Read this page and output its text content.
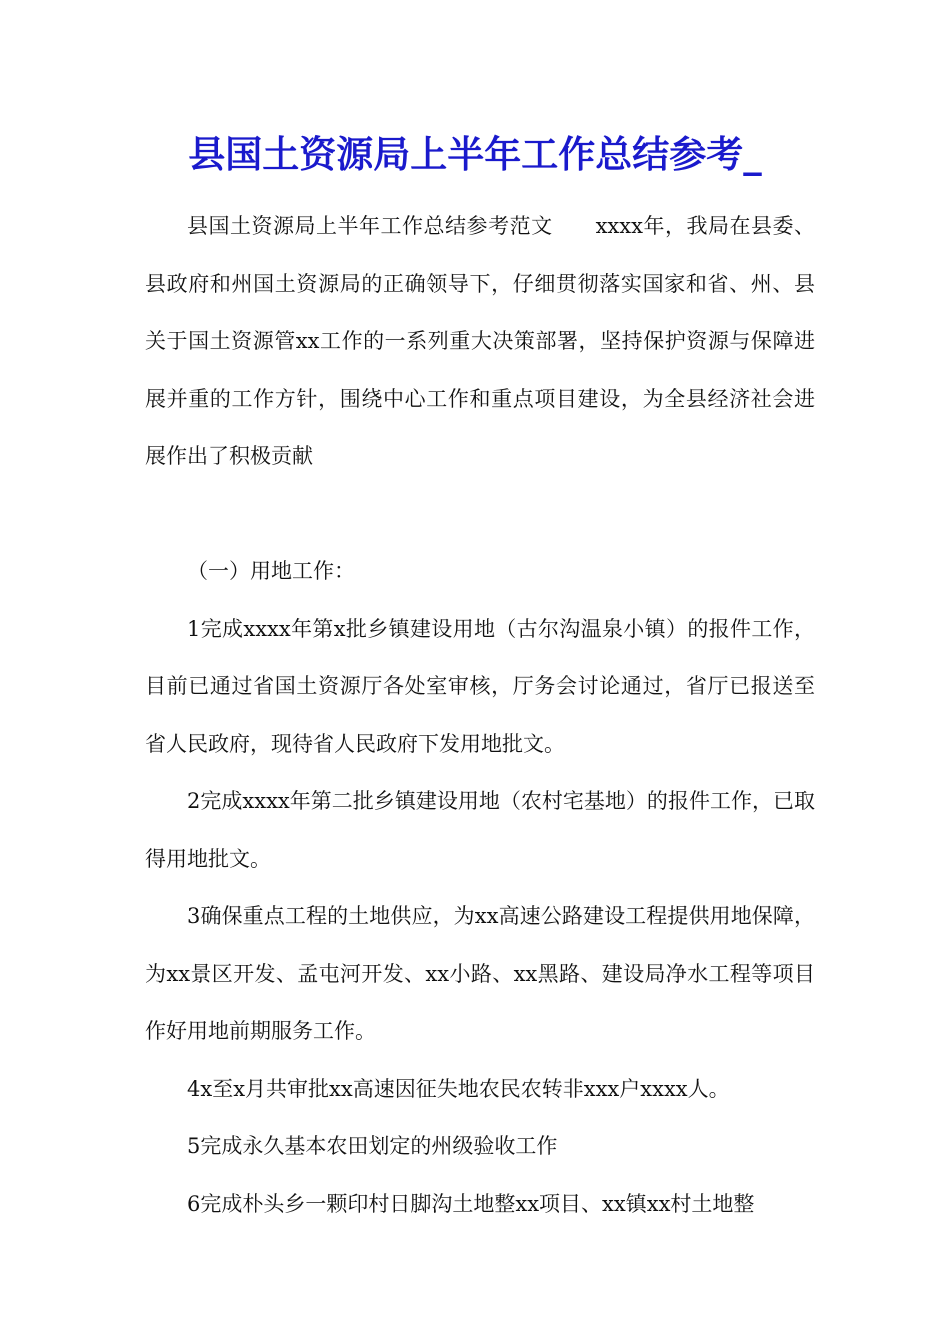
县国土资源局上半年工作总结参考_

县国土资源局上半年工作总结参考范文　　xxxx年，我局在县委、县政府和州国土资源局的正确领导下，仔细贯彻落实国家和省、州、县关于国土资源管xx工作的一系列重大决策部署，坚持保护资源与保障进展并重的工作方针，围绕中心工作和重点项目建设，为全县经济社会进展作出了积极贡献

（一）用地工作：

1完成xxxx年第x批乡镇建设用地（古尔沟温泉小镇）的报件工作，目前已通过省国土资源厅各处室审核，厅务会讨论通过，省厅已报送至省人民政府，现待省人民政府下发用地批文。

2完成xxxx年第二批乡镇建设用地（农村宅基地）的报件工作，已取得用地批文。

3确保重点工程的土地供应，为xx高速公路建设工程提供用地保障，为xx景区开发、孟屯河开发、xx小路、xx黑路、建设局净水工程等项目作好用地前期服务工作。

4x至x月共审批xx高速因征失地农民农转非xxx户xxxx人。

5完成永久基本农田划定的州级验收工作

6完成朴头乡一颗印村日脚沟土地整xx项目、xx镇xx村土地整
